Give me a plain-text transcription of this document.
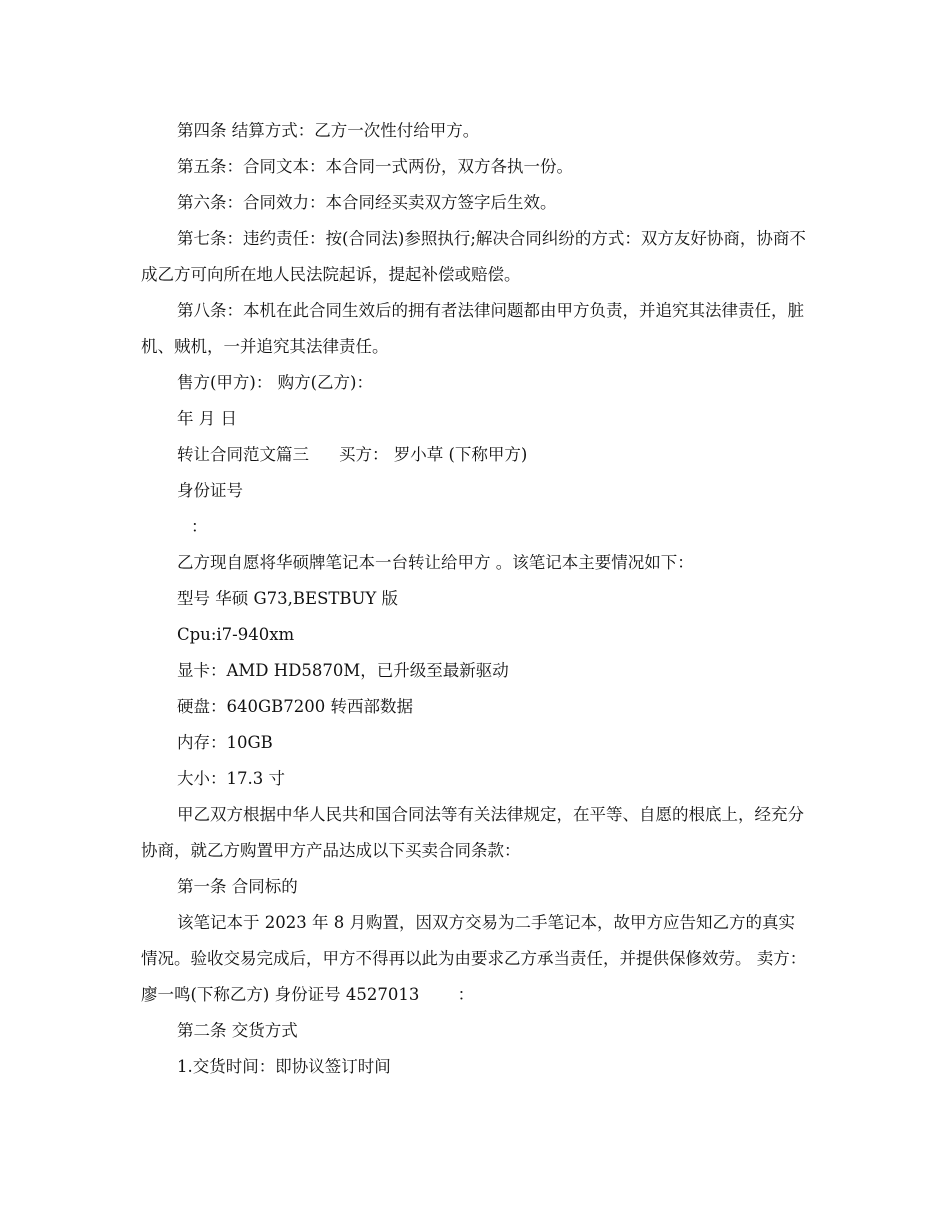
第四条 结算方式：乙方一次性付给甲方。

第五条：合同文本：本合同一式两份，双方各执一份。

第六条：合同效力：本合同经买卖双方签字后生效。

第七条：违约责任：按(合同法)参照执行;解决合同纠纷的方式：双方友好协商，协商不成乙方可向所在地人民法院起诉，提起补偿或赔偿。

第八条：本机在此合同生效后的拥有者法律问题都由甲方负责，并追究其法律责任，脏机、贼机，一并追究其法律责任。

售方(甲方)： 购方(乙方)：

年 月 日

转让合同范文篇三 买方： 罗小草 (下称甲方)

身份证号

：

乙方现自愿将华硕牌笔记本一台转让给甲方 。该笔记本主要情况如下：

型号 华硕 G73,BESTBUY 版

Cpu:i7-940xm

显卡：AMD HD5870M，已升级至最新驱动

硬盘：640GB7200 转西部数据

内存：10GB

大小：17.3 寸

甲乙双方根据中华人民共和国合同法等有关法律规定，在平等、自愿的根底上，经充分协商，就乙方购置甲方产品达成以下买卖合同条款：

第一条 合同标的

该笔记本于 2023 年 8 月购置，因双方交易为二手笔记本，故甲方应告知乙方的真实情况。验收交易完成后，甲方不得再以此为由要求乙方承当责任，并提供保修效劳。 卖方： 廖一鸣(下称乙方) 身份证号 4527013 　　：

第二条 交货方式

1.交货时间：即协议签订时间
